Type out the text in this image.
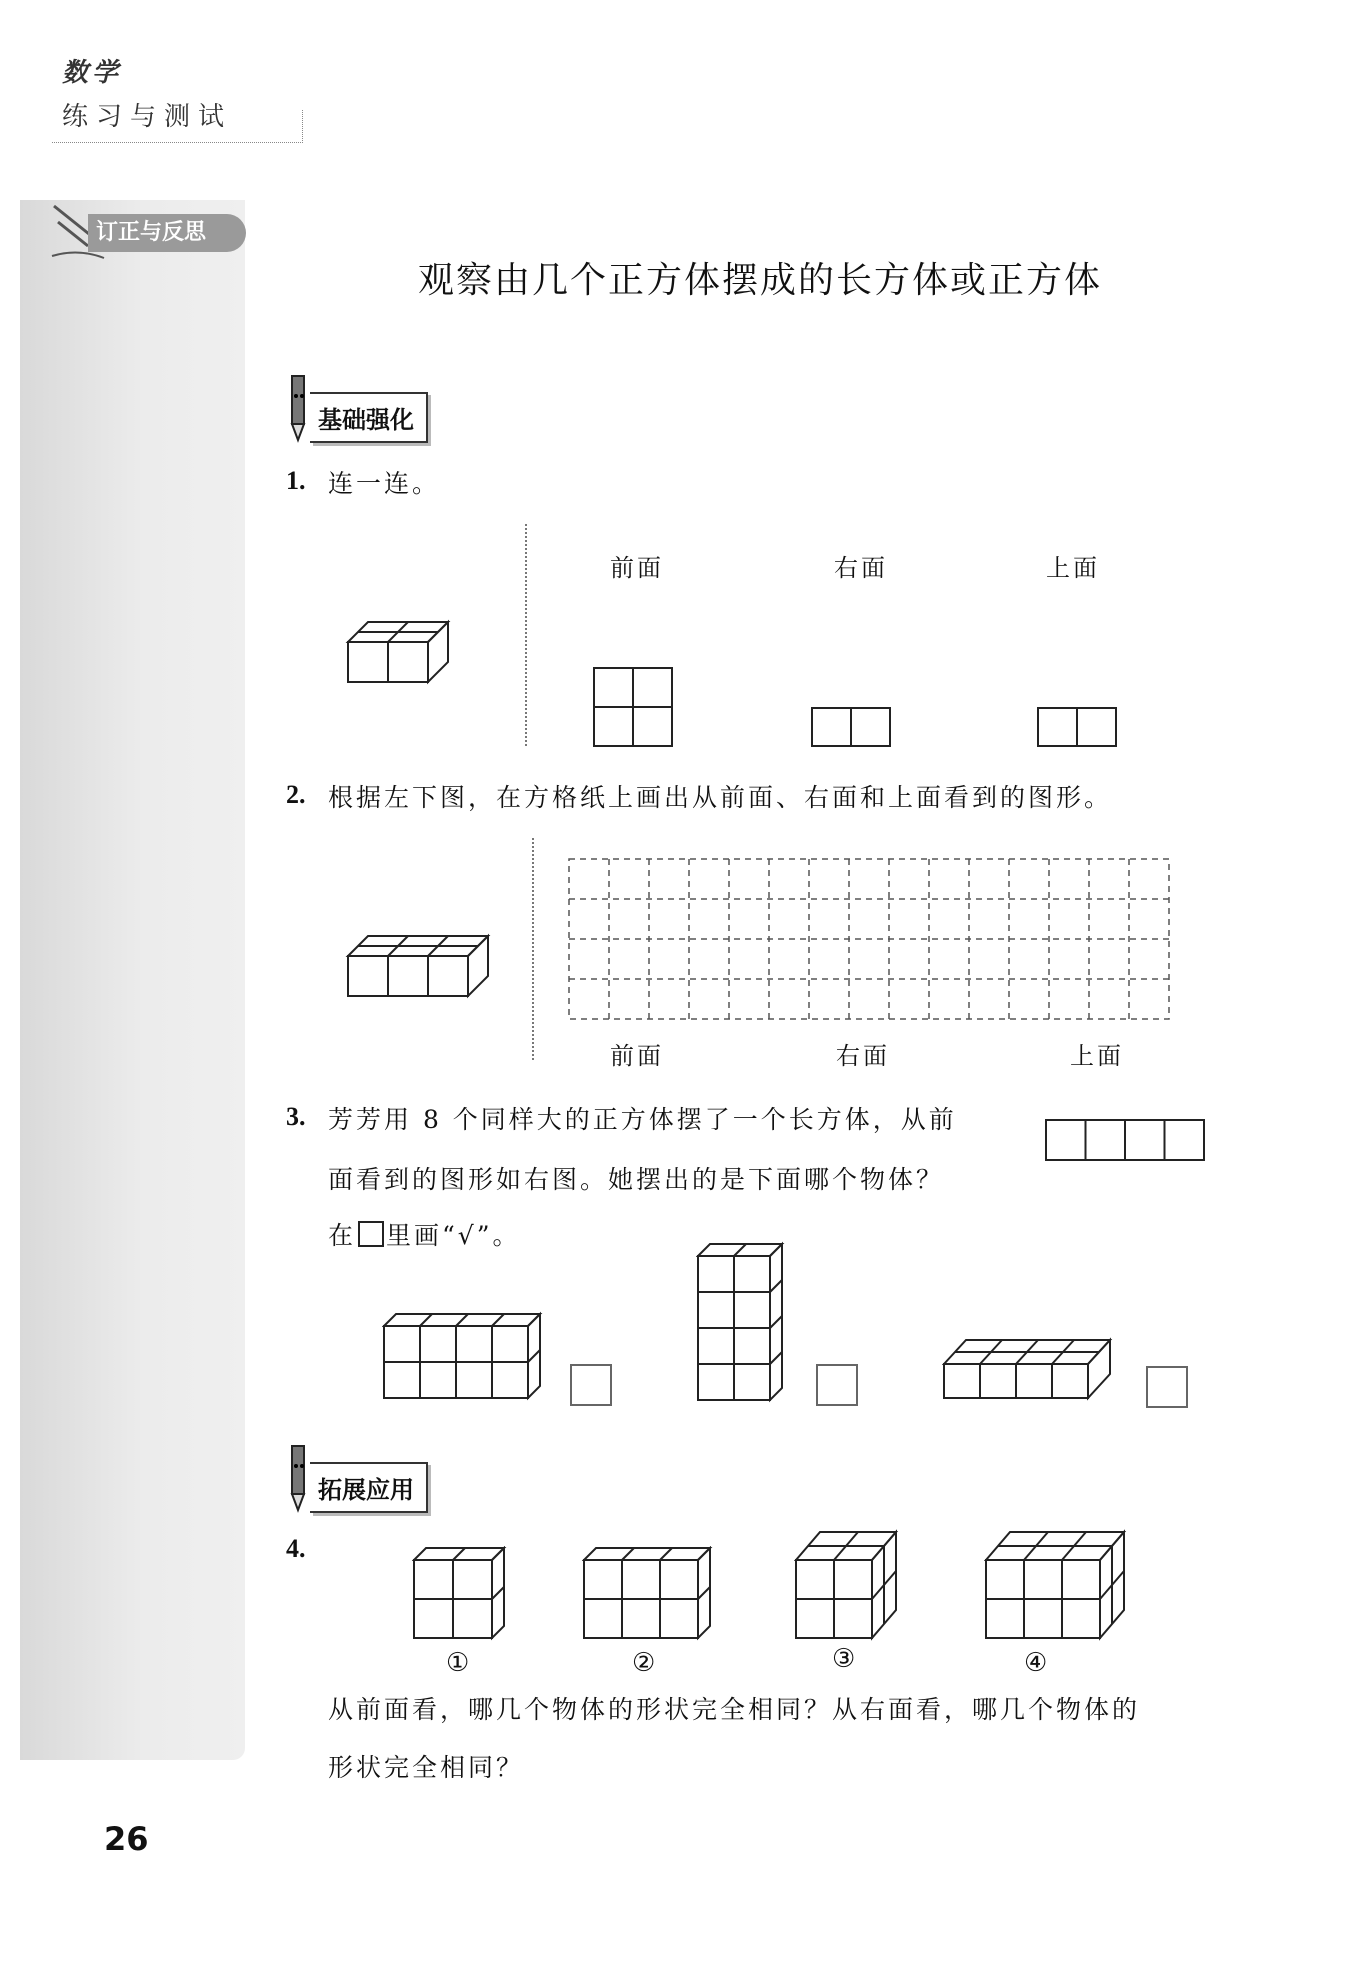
数学
练习与测试
订正与反思
观察由几个正方体摆成的长方体或正方体
基础强化
1. 连一连。
前面	右面	上面
2. 根据左下图，在方格纸上画出从前面、右面和上面看到的图形。
前面	右面	上面
3. 芳芳用 8 个同样大的正方体摆了一个长方体，从前
面看到的图形如右图。她摆出的是下面哪个物体？
在 里画“√”。
拓展应用
4.
①	②	③	④
从前面看，哪几个物体的形状完全相同？从右面看，哪几个物体的
形状完全相同？
26
